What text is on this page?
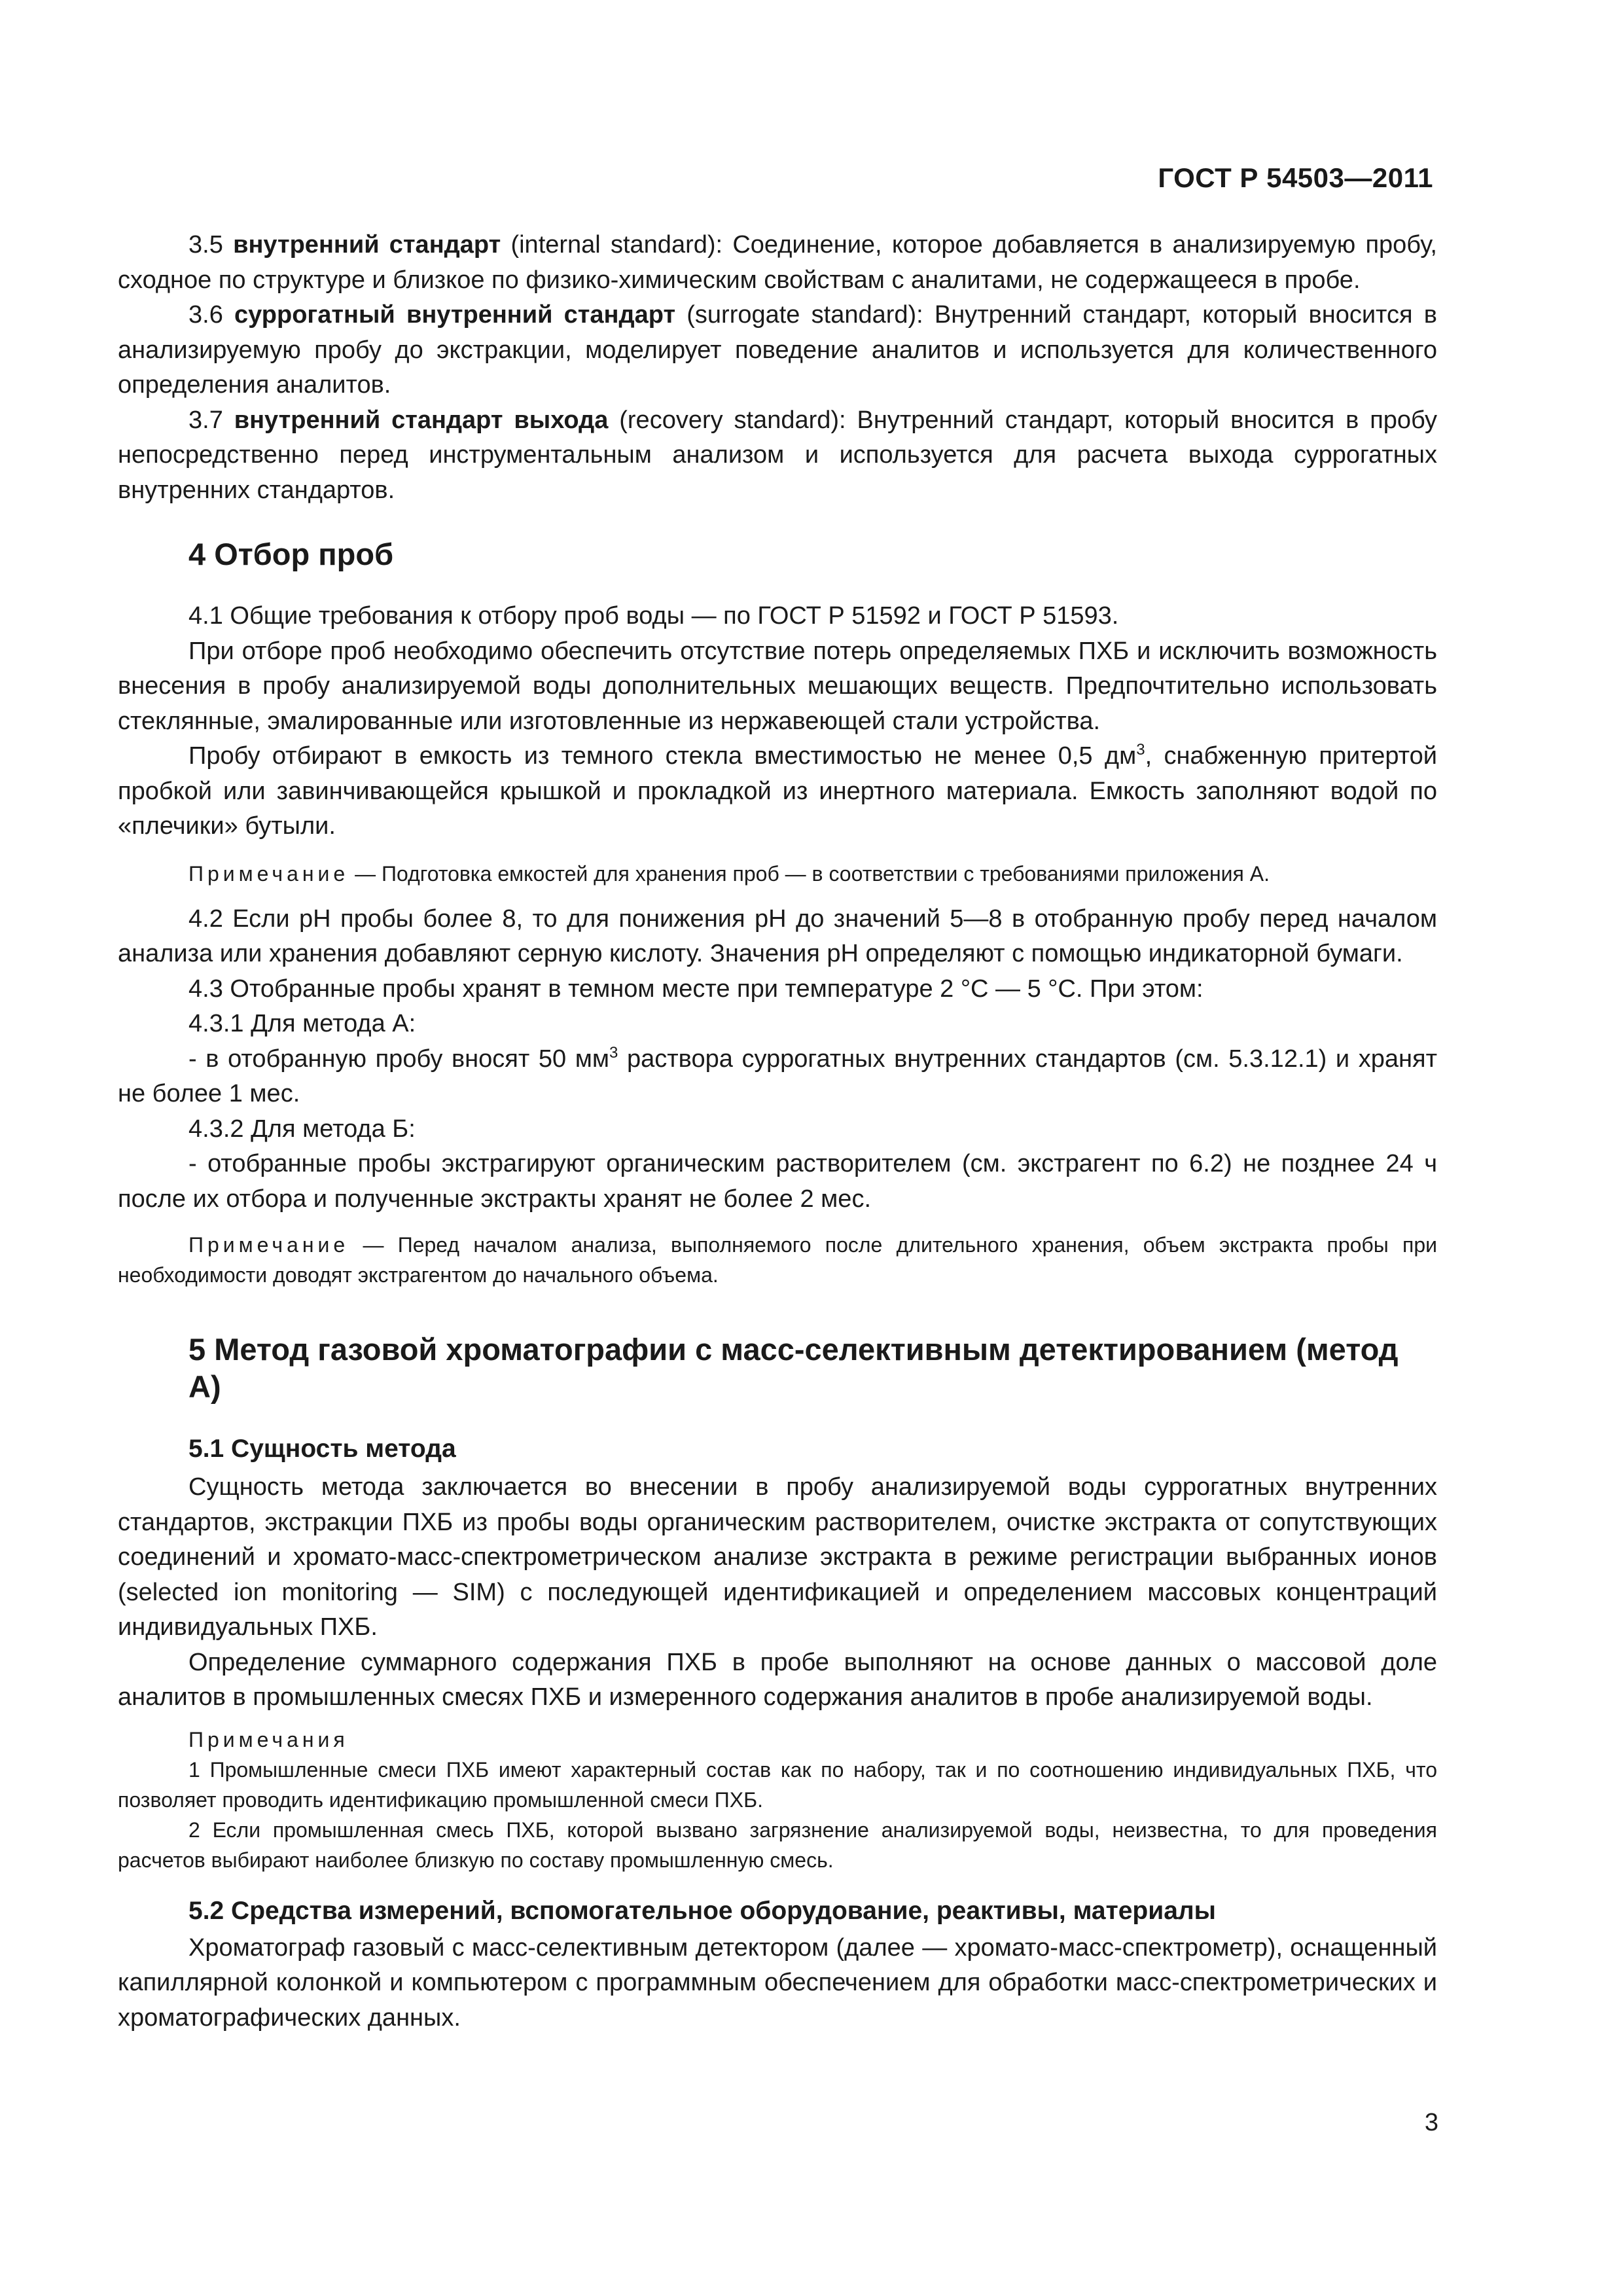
ГОСТ Р 54503—2011

3.5 внутренний стандарт (internal standard): Соединение, которое добавляется в анализируемую пробу, сходное по структуре и близкое по физико-химическим свойствам с аналитами, не содержащееся в пробе.

3.6 суррогатный внутренний стандарт (surrogate standard): Внутренний стандарт, который вносится в анализируемую пробу до экстракции, моделирует поведение аналитов и используется для количественного определения аналитов.

3.7 внутренний стандарт выхода (recovery standard): Внутренний стандарт, который вносится в пробу непосредственно перед инструментальным анализом и используется для расчета выхода суррогатных внутренних стандартов.

4 Отбор проб

4.1 Общие требования к отбору проб воды — по ГОСТ Р 51592 и ГОСТ Р 51593.

При отборе проб необходимо обеспечить отсутствие потерь определяемых ПХБ и исключить возможность внесения в пробу анализируемой воды дополнительных мешающих веществ. Предпочтительно использовать стеклянные, эмалированные или изготовленные из нержавеющей стали устройства.

Пробу отбирают в емкость из темного стекла вместимостью не менее 0,5 $дм^3$, снабженную притертой пробкой или завинчивающейся крышкой и прокладкой из инертного материала. Емкость заполняют водой по «плечики» бутыли.

Примечание — Подготовка емкостей для хранения проб — в соответствии с требованиями приложения А.

4.2 Если pH пробы более 8, то для понижения pH до значений 5—8 в отобранную пробу перед началом анализа или хранения добавляют серную кислоту. Значения pH определяют с помощью индикаторной бумаги.

4.3 Отобранные пробы хранят в темном месте при температуре 2 °С — 5 °С. При этом:

4.3.1 Для метода А:

- в отобранную пробу вносят 50 $мм^3$ раствора суррогатных внутренних стандартов (см. 5.3.12.1) и хранят не более 1 мес.

4.3.2 Для метода Б:

- отобранные пробы экстрагируют органическим растворителем (см. экстрагент по 6.2) не позднее 24 ч после их отбора и полученные экстракты хранят не более 2 мес.

Примечание — Перед началом анализа, выполняемого после длительного хранения, объем экстракта пробы при необходимости доводят экстрагентом до начального объема.
5 Метод газовой хроматографии с масс-селективным детектированием (метод А)
5.1 Сущность метода

Сущность метода заключается во внесении в пробу анализируемой воды суррогатных внутренних стандартов, экстракции ПХБ из пробы воды органическим растворителем, очистке экстракта от сопутствующих соединений и хромато-масс-спектрометрическом анализе экстракта в режиме регистрации выбранных ионов (selected ion monitoring — SIM) с последующей идентификацией и определением массовых концентраций индивидуальных ПХБ.

Определение суммарного содержания ПХБ в пробе выполняют на основе данных о массовой доле аналитов в промышленных смесях ПХБ и измеренного содержания аналитов в пробе анализируемой воды.

Примечания
1 Промышленные смеси ПХБ имеют характерный состав как по набору, так и по соотношению индивидуальных ПХБ, что позволяет проводить идентификацию промышленной смеси ПХБ.
2 Если промышленная смесь ПХБ, которой вызвано загрязнение анализируемой воды, неизвестна, то для проведения расчетов выбирают наиболее близкую по составу промышленную смесь.
5.2 Средства измерений, вспомогательное оборудование, реактивы, материалы

Хроматограф газовый с масс-селективным детектором (далее — хромато-масс-спектрометр), оснащенный капиллярной колонкой и компьютером с программным обеспечением для обработки масс-спектрометрических и хроматографических данных.

3
